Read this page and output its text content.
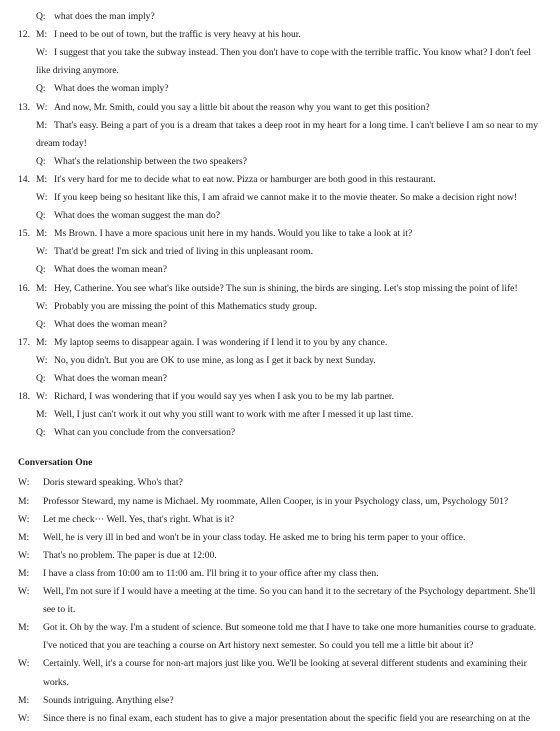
Q: what does the man imply?
12. M: I need to be out of town, but the traffic is very heavy at his hour.
W: I suggest that you take the subway instead. Then you don't have to cope with the terrible traffic. You know what? I don't feel
like driving anymore.
Q: What does the woman imply?
13. W: And now, Mr. Smith, could you say a little bit about the reason why you want to get this position?
M: That's easy. Being a part of you is a dream that takes a deep root in my heart for a long time. I can't believe I am so near to my
dream today!
Q: What's the relationship between the two speakers?
14. M: It's very hard for me to decide what to eat now. Pizza or hamburger are both good in this restaurant.
W: If you keep being so hesitant like this, I am afraid we cannot make it to the movie theater. So make a decision right now!
Q: What does the woman suggest the man do?
15. M: Ms Brown. I have a more spacious unit here in my hands. Would you like to take a look at it?
W: That'd be great! I'm sick and tried of living in this unpleasant room.
Q: What does the woman mean?
16. M: Hey, Catherine. You see what's like outside? The sun is shining, the birds are singing. Let's stop missing the point of life!
W: Probably you are missing the point of this Mathematics study group.
Q: What does the woman mean?
17. M: My laptop seems to disappear again. I was wondering if I lend it to you by any chance.
W: No, you didn't. But you are OK to use mine, as long as I get it back by next Sunday.
Q: What does the woman mean?
18. W: Richard, I was wondering that if you would say yes when I ask you to be my lab partner.
M: Well, I just can't work it out why you still want to work with me after I messed it up last time.
Q: What can you conclude from the conversation?
Conversation One
W: Doris steward speaking. Who's that?
M: Professor Steward, my name is Michael. My roommate, Allen Cooper, is in your Psychology class, um, Psychology 501?
W: Let me check··· Well. Yes, that's right. What is it?
M: Well, he is very ill in bed and won't be in your class today. He asked me to bring his term paper to your office.
W: That's no problem. The paper is due at 12:00.
M: I have a class from 10:00 am to 11:00 am. I'll bring it to your office after my class then.
W: Well, I'm not sure if I would have a meeting at the time. So you can hand it to the secretary of the Psychology department. She'll
see to it.
M: Got it. Oh by the way. I'm a student of science. But someone told me that I have to take one more humanities course to graduate.
I've noticed that you are teaching a course on Art history next semester. So could you tell me a little bit about it?
W: Certainly. Well, it's a course for non-art majors just like you. We'll be looking at several different students and examining their
works.
M: Sounds intriguing. Anything else?
W: Since there is no final exam, each student has to give a major presentation about the specific field you are researching on at the
